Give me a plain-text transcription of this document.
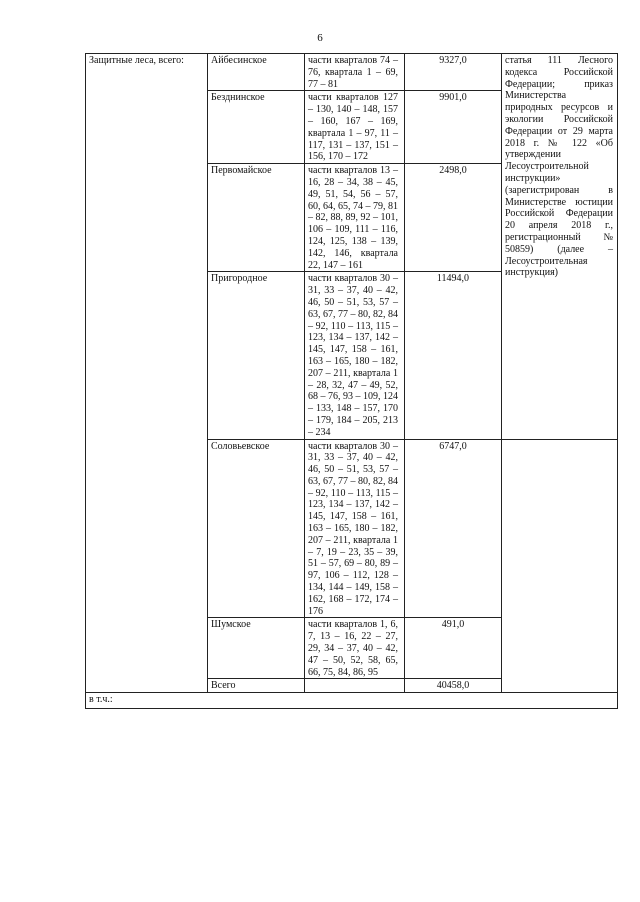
6
Защитные леса, всего:	Айбесинское	части кварталов 74 – 76, квартала 1 – 69, 77 – 81	9327,0	статья 111 Лесного кодекса Российской Федерации; приказ Министерства природных ресурсов и экологии Российской Федерации от 29 марта 2018 г. № 122 «Об утверждении Лесоустроительной инструкции» (зарегистрирован в Министерстве юстиции Российской Федерации 20 апреля 2018 г., регистрационный № 50859) (далее – Лесоустроительная инструкция)

	Безднинское	части кварталов 127 – 130, 140 – 148, 157 – 160, 167 – 169, квартала 1 – 97, 11 – 117, 131 – 137, 151 – 156, 170 – 172	9901,0	
	Первомайское	части кварталов 13 – 16, 28 – 34, 38 – 45, 49, 51, 54, 56 – 57, 60, 64, 65, 74 – 79, 81 – 82, 88, 89, 92 – 101, 106 – 109, 111 – 116, 124, 125, 138 – 139, 142, 146, квартала 22, 147 – 161	2498,0	
	Пригородное	части кварталов 30 – 31, 33 – 37, 40 – 42, 46, 50 – 51, 53, 57 – 63, 67, 77 – 80, 82, 84 – 92, 110 – 113, 115 – 123, 134 – 137, 142 – 145, 147, 158 – 161, 163 – 165, 180 – 182, 207 – 211, квартала 1 – 28, 32, 47 – 49, 52, 68 – 76, 93 – 109, 124 – 133, 148 – 157, 170 – 179, 184 – 205, 213 – 234	11494,0	
	Соловьевское	части кварталов 30 – 31, 33 – 37, 40 – 42, 46, 50 – 51, 53, 57 – 63, 67, 77 – 80, 82, 84 – 92, 110 – 113, 115 – 123, 134 – 137, 142 – 145, 147, 158 – 161, 163 – 165, 180 – 182, 207 – 211, квартала 1 – 7, 19 – 23, 35 – 39, 51 – 57, 69 – 80, 89 – 97, 106 – 112, 128 – 134, 144 – 149, 158 – 162, 168 – 172, 174 – 176	6747,0	
	Шумское	части кварталов 1, 6, 7, 13 – 16, 22 – 27, 29, 34 – 37, 40 – 42, 47 – 50, 52, 58, 65, 66, 75, 84, 86, 95	491,0	
	Всего		40458,0	
в т.ч.:				
